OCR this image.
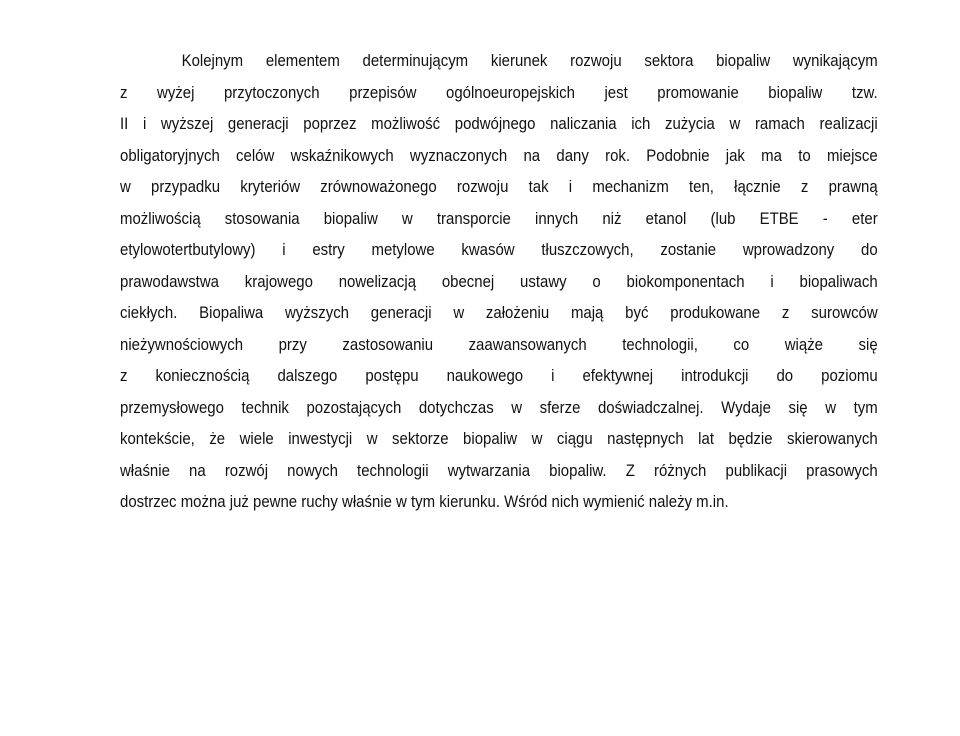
Kolejnym elementem determinującym kierunek rozwoju sektora biopaliw wynikającym
z wyżej przytoczonych przepisów ogólnoeuropejskich jest promowanie biopaliw tzw.
II i wyższej generacji poprzez możliwość podwójnego naliczania ich zużycia w ramach realizacji
obligatoryjnych celów wskaźnikowych wyznaczonych na dany rok. Podobnie jak ma to miejsce
w przypadku kryteriów zrównoważonego rozwoju tak i mechanizm ten, łącznie z prawną
możliwością stosowania biopaliw w transporcie innych niż etanol (lub ETBE - eter
etylowotertbutylowy) i estry metylowe kwasów tłuszczowych, zostanie wprowadzony do
prawodawstwa krajowego nowelizacją obecnej ustawy o biokomponentach i biopaliwach
ciekłych. Biopaliwa wyższych generacji w założeniu mają być produkowane z surowców
nieżywnościowych przy zastosowaniu zaawansowanych technologii, co wiąże się
z koniecznością dalszego postępu naukowego i efektywnej introdukcji do poziomu
przemysłowego technik pozostających dotychczas w sferze doświadczalnej. Wydaje się w tym
kontekście, że wiele inwestycji w sektorze biopaliw w ciągu następnych lat będzie skierowanych
właśnie na rozwój nowych technologii wytwarzania biopaliw. Z różnych publikacji prasowych
dostrzec można już pewne ruchy właśnie w tym kierunku. Wśród nich wymienić należy m.in.
